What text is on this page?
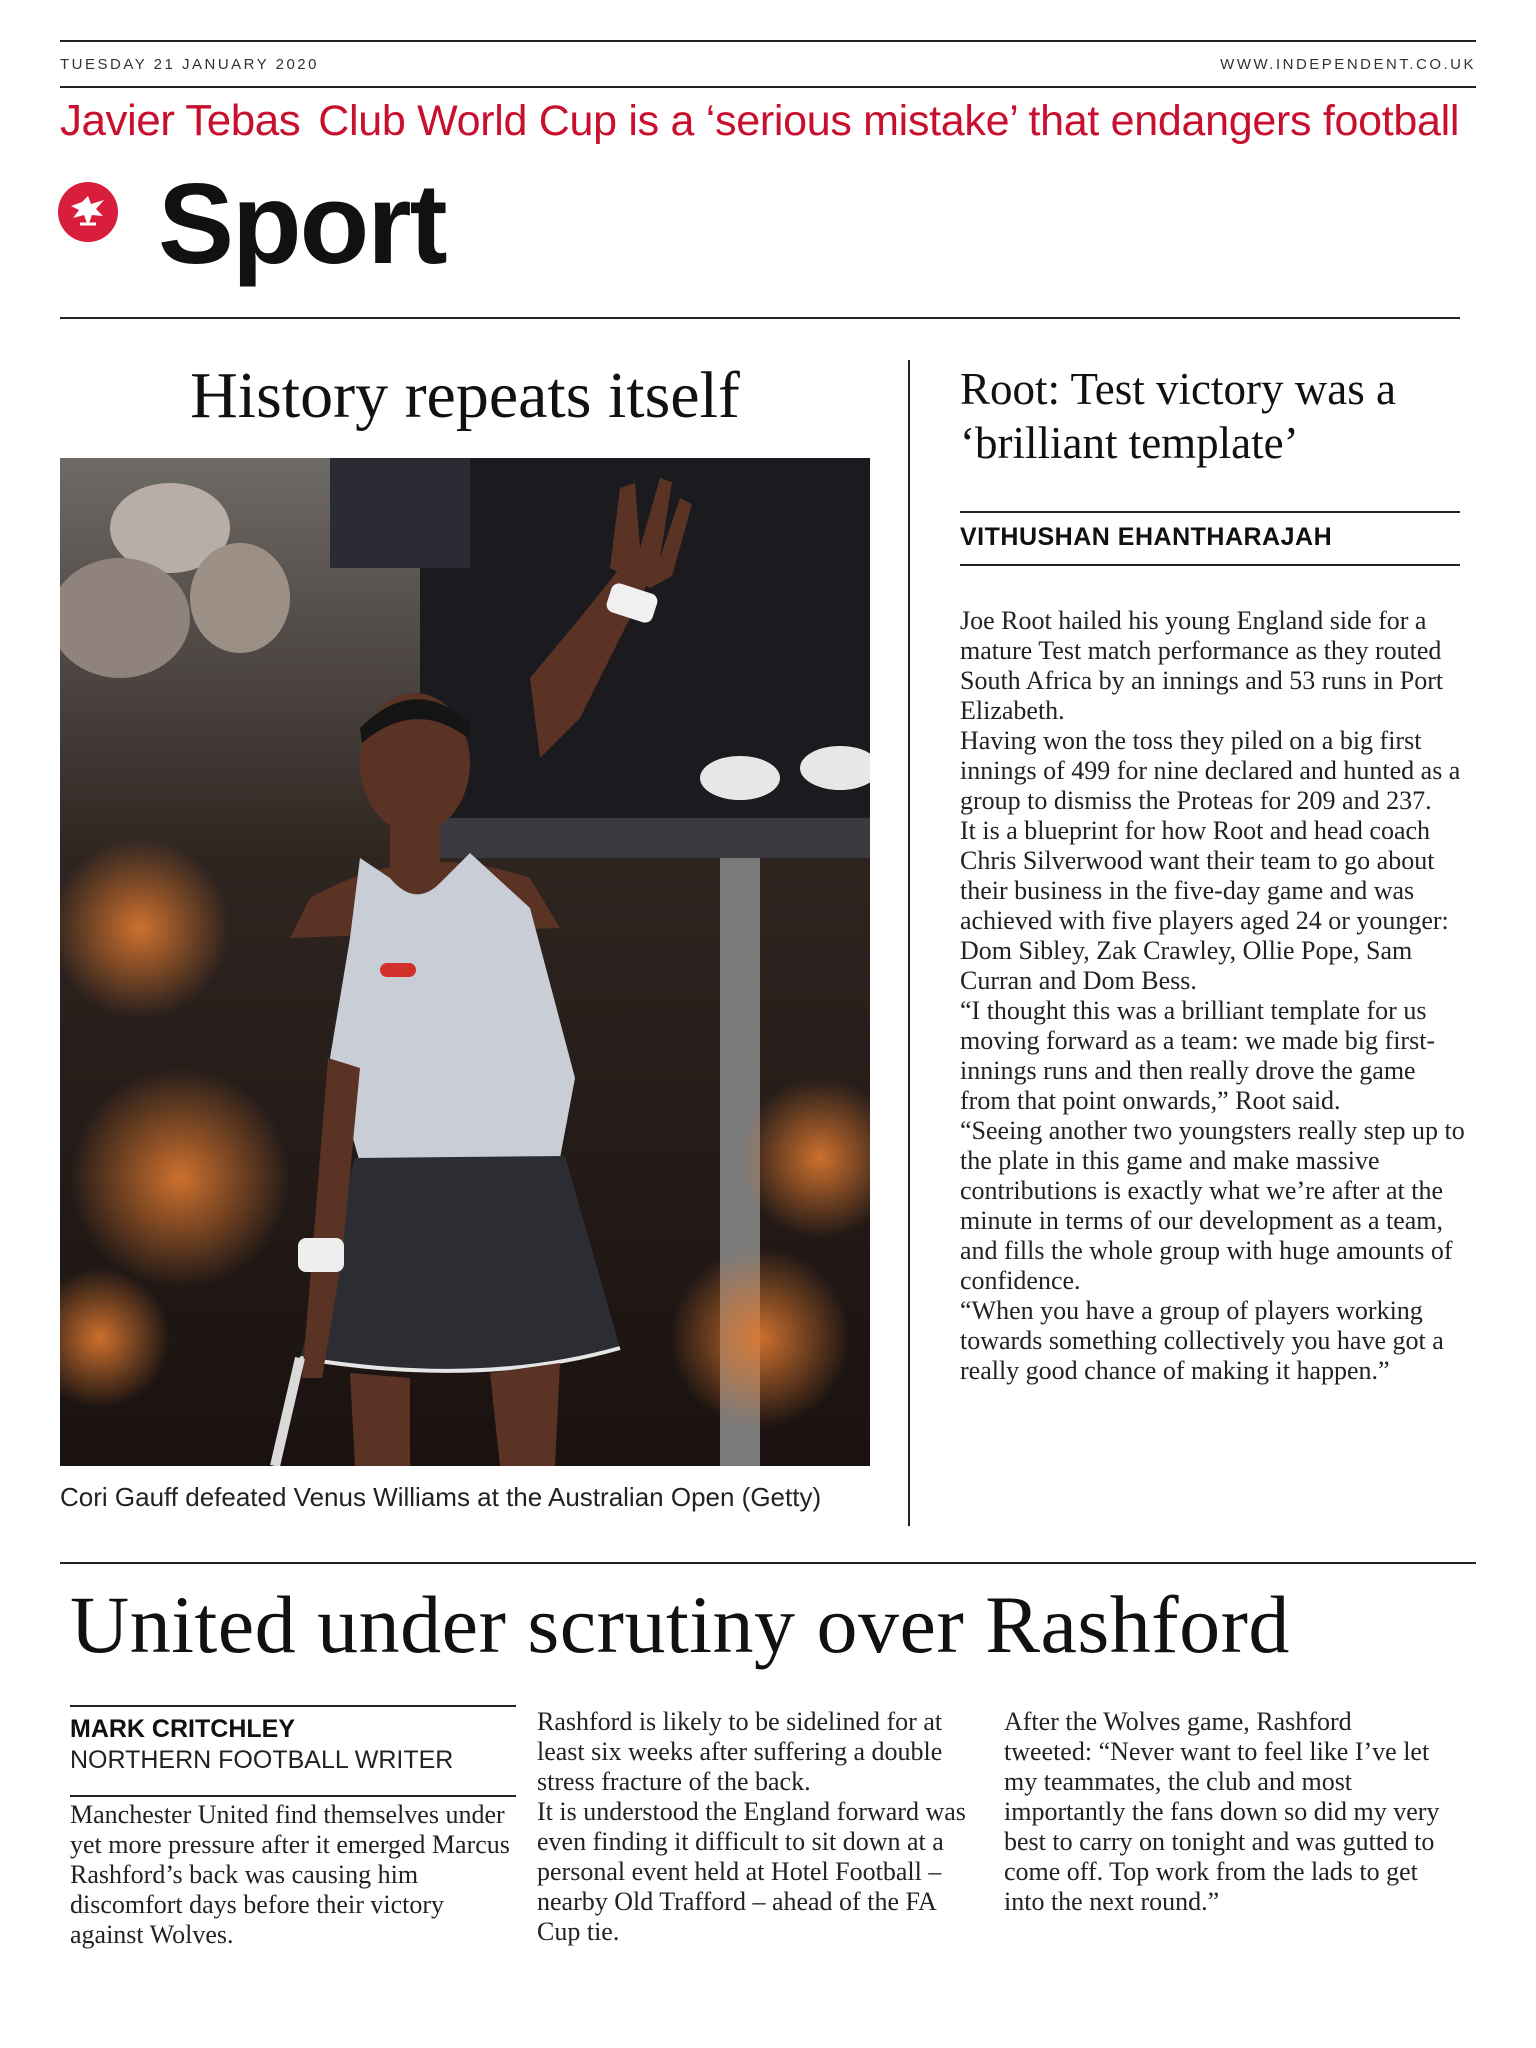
TUESDAY 21 JANUARY 2020	WWW.INDEPENDENT.CO.UK
Javier Tebas Club World Cup is a ‘serious mistake’ that endangers football
Sport
History repeats itself
Cori Gauff defeated Venus Williams at the Australian Open (Getty)
Root: Test victory was a ‘brilliant template’
VITHUSHAN EHANTHARAJAH

Joe Root hailed his young England side for a mature Test match performance as they routed South Africa by an innings and 53 runs in Port Elizabeth.

Having won the toss they piled on a big first innings of 499 for nine declared and hunted as a group to dismiss the Proteas for 209 and 237.

It is a blueprint for how Root and head coach Chris Silverwood want their team to go about their business in the five-day game and was achieved with five players aged 24 or younger: Dom Sibley, Zak Crawley, Ollie Pope, Sam Curran and Dom Bess.

“I thought this was a brilliant template for us moving forward as a team: we made big first-innings runs and then really drove the game from that point onwards,” Root said.

“Seeing another two youngsters really step up to the plate in this game and make massive contributions is exactly what we’re after at the minute in terms of our development as a team, and fills the whole group with huge amounts of confidence.

“When you have a group of players working towards something collectively you have got a really good chance of making it happen.”

United under scrutiny over Rashford
MARK CRITCHLEY
NORTHERN FOOTBALL WRITER

Manchester United find themselves under yet more pressure after it emerged Marcus Rashford’s back was causing him discomfort days before their victory against Wolves.

Rashford is likely to be sidelined for at least six weeks after suffering a double stress fracture of the back.

It is understood the England forward was even finding it difficult to sit down at a personal event held at Hotel Football – nearby Old Trafford – ahead of the FA Cup tie.

After the Wolves game, Rashford tweeted: “Never want to feel like I’ve let my teammates, the club and most importantly the fans down so did my very best to carry on tonight and was gutted to come off. Top work from the lads to get into the next round.”
